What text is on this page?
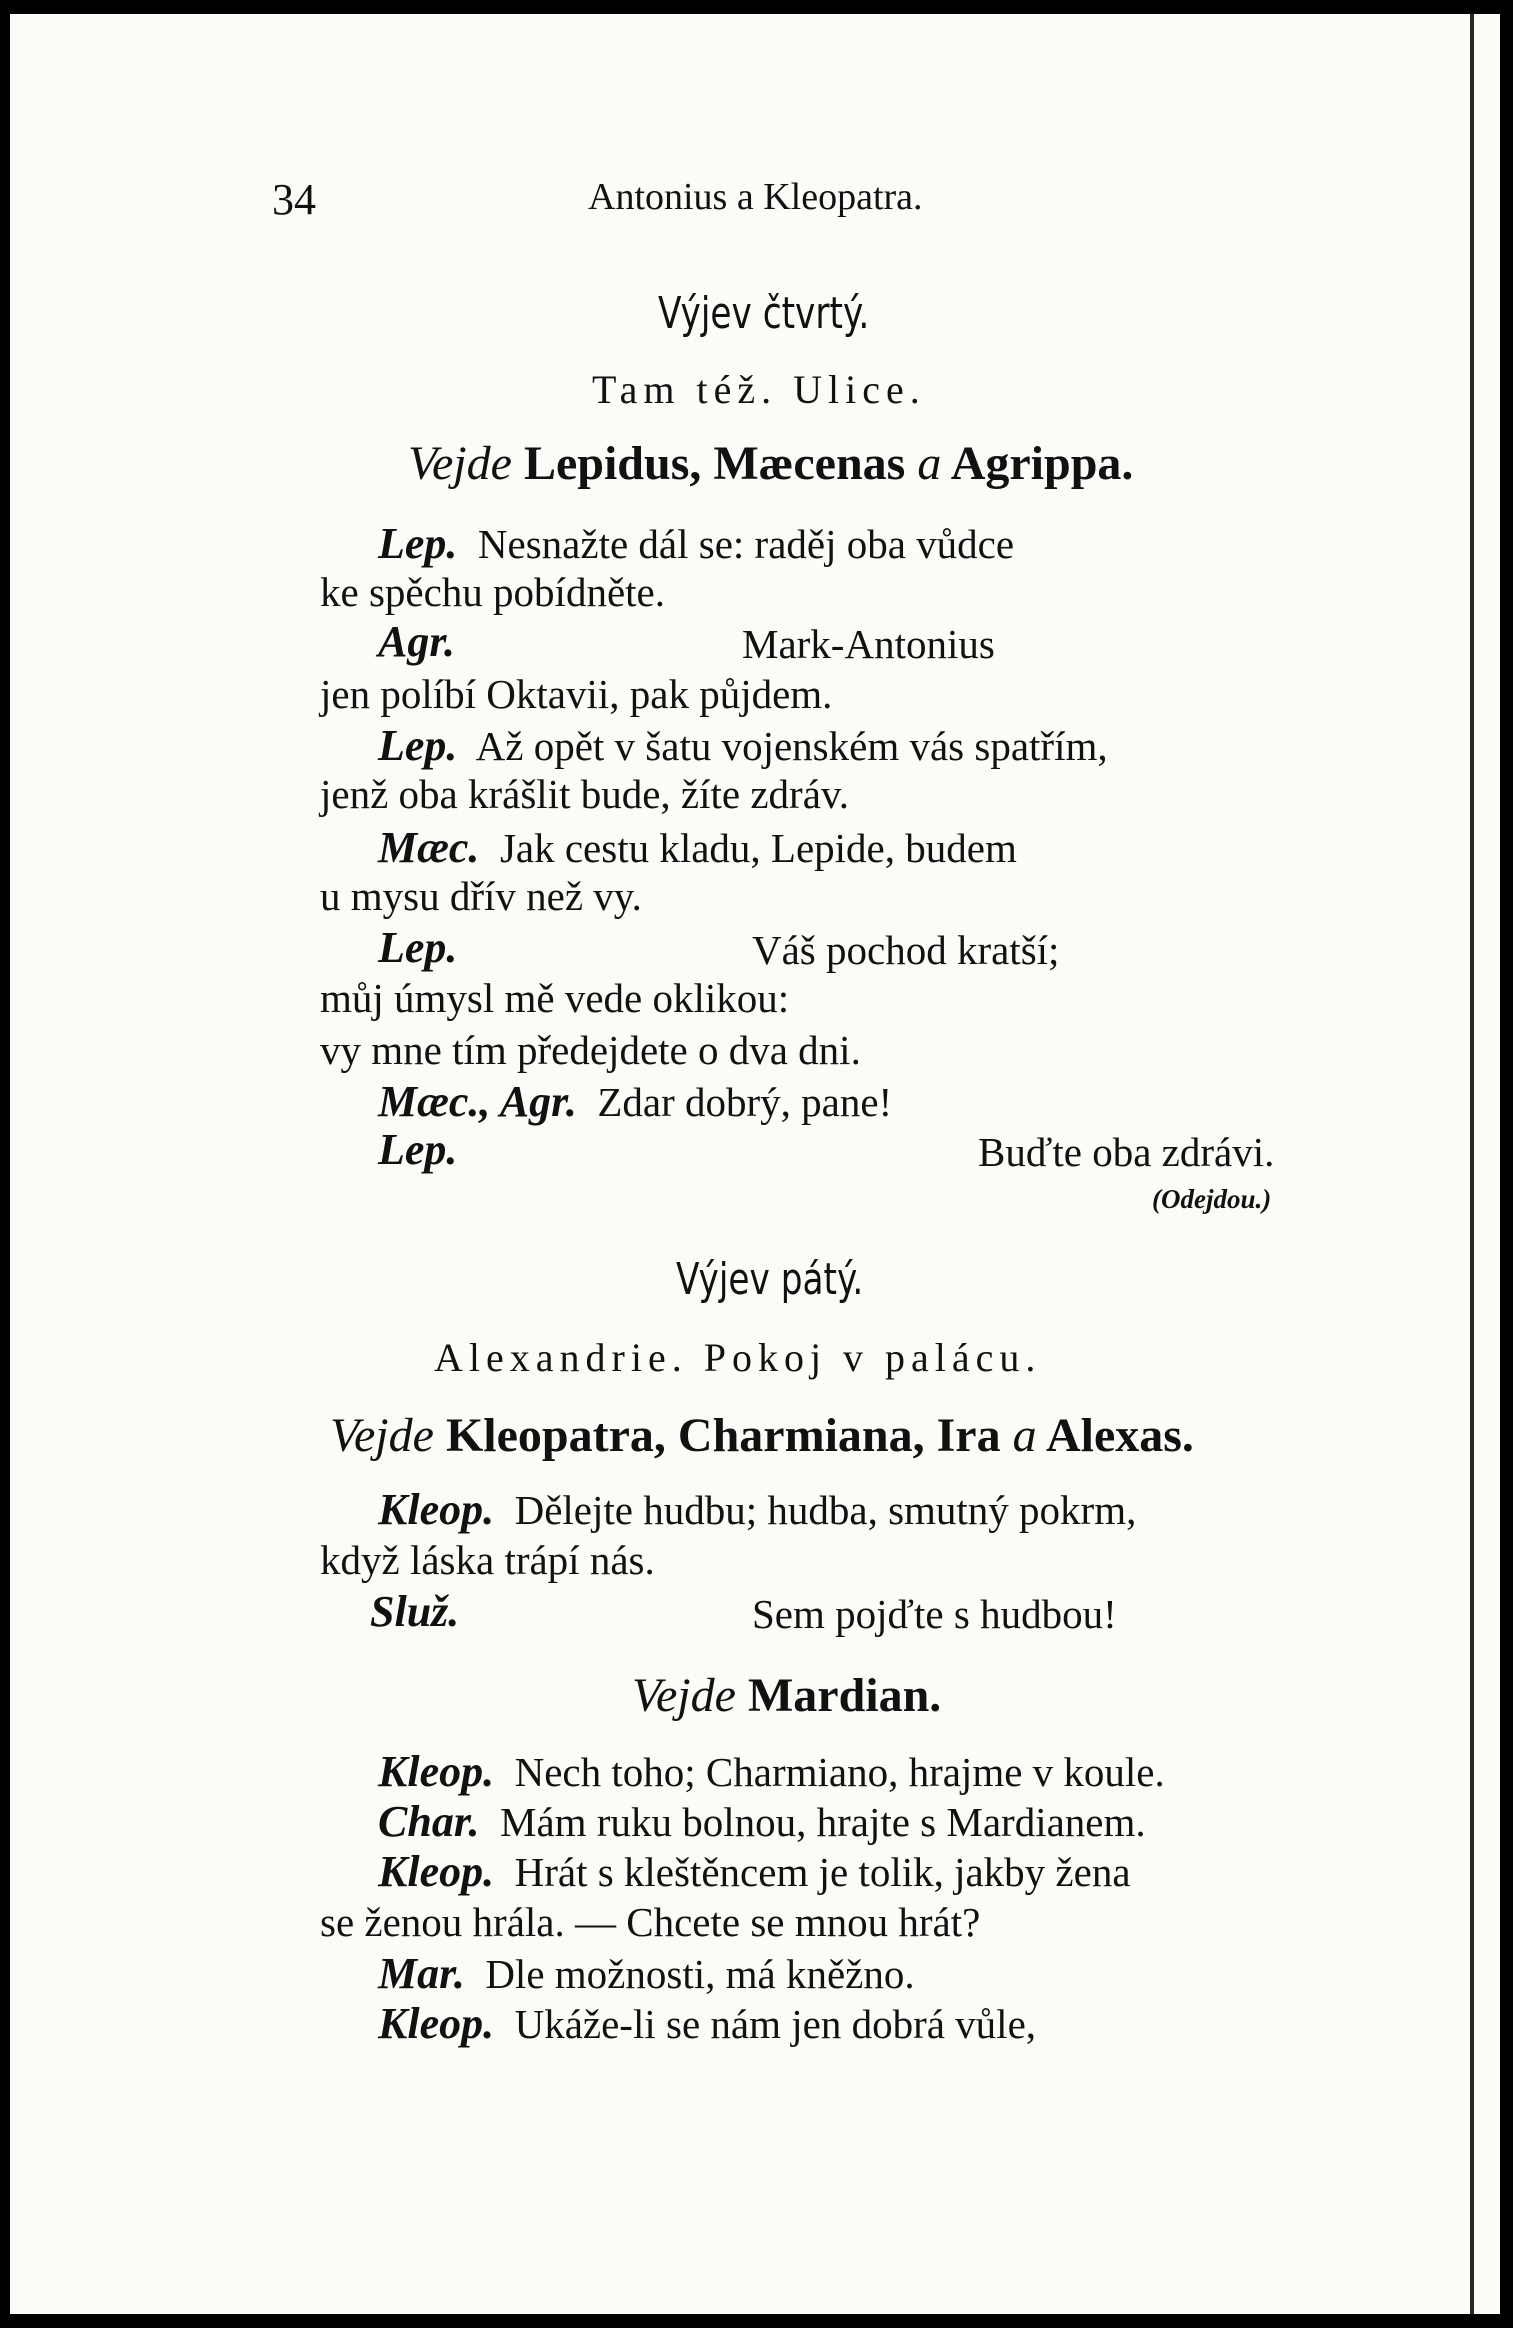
34	Antonius a Kleopatra.
Výjev čtvrtý.
Tam též. Ulice.
Vejde Lepidus, Mæcenas a Agrippa.
Lep. Nesnažte dál se: raděj oba vůdce
ke spěchu pobídněte.
Agr.	Mark-Antonius
jen políbí Oktavii, pak půjdem.
Lep. Až opět v šatu vojenském vás spatřím,
jenž oba krášlit bude, žíte zdráv.
Mæc. Jak cestu kladu, Lepide, budem
u mysu dřív než vy.
Lep.	Váš pochod kratší;
můj úmysl mě vede oklikou:
vy mne tím předejdete o dva dni.
Mæc., Agr. Zdar dobrý, pane!
Lep.	Buďte oba zdrávi.
(Odejdou.)
Výjev pátý.
Alexandrie. Pokoj v palácu.
Vejde Kleopatra, Charmiana, Ira a Alexas.
Kleop. Dělejte hudbu; hudba, smutný pokrm,
když láska trápí nás.
Služ.	Sem pojďte s hudbou!
Vejde Mardian.
Kleop. Nech toho; Charmiano, hrajme v koule.
Char. Mám ruku bolnou, hrajte s Mardianem.
Kleop. Hrát s kleštěncem je tolik, jakby žena
se ženou hrála. — Chcete se mnou hrát?
Mar. Dle možnosti, má kněžno.
Kleop. Ukáže-li se nám jen dobrá vůle,
